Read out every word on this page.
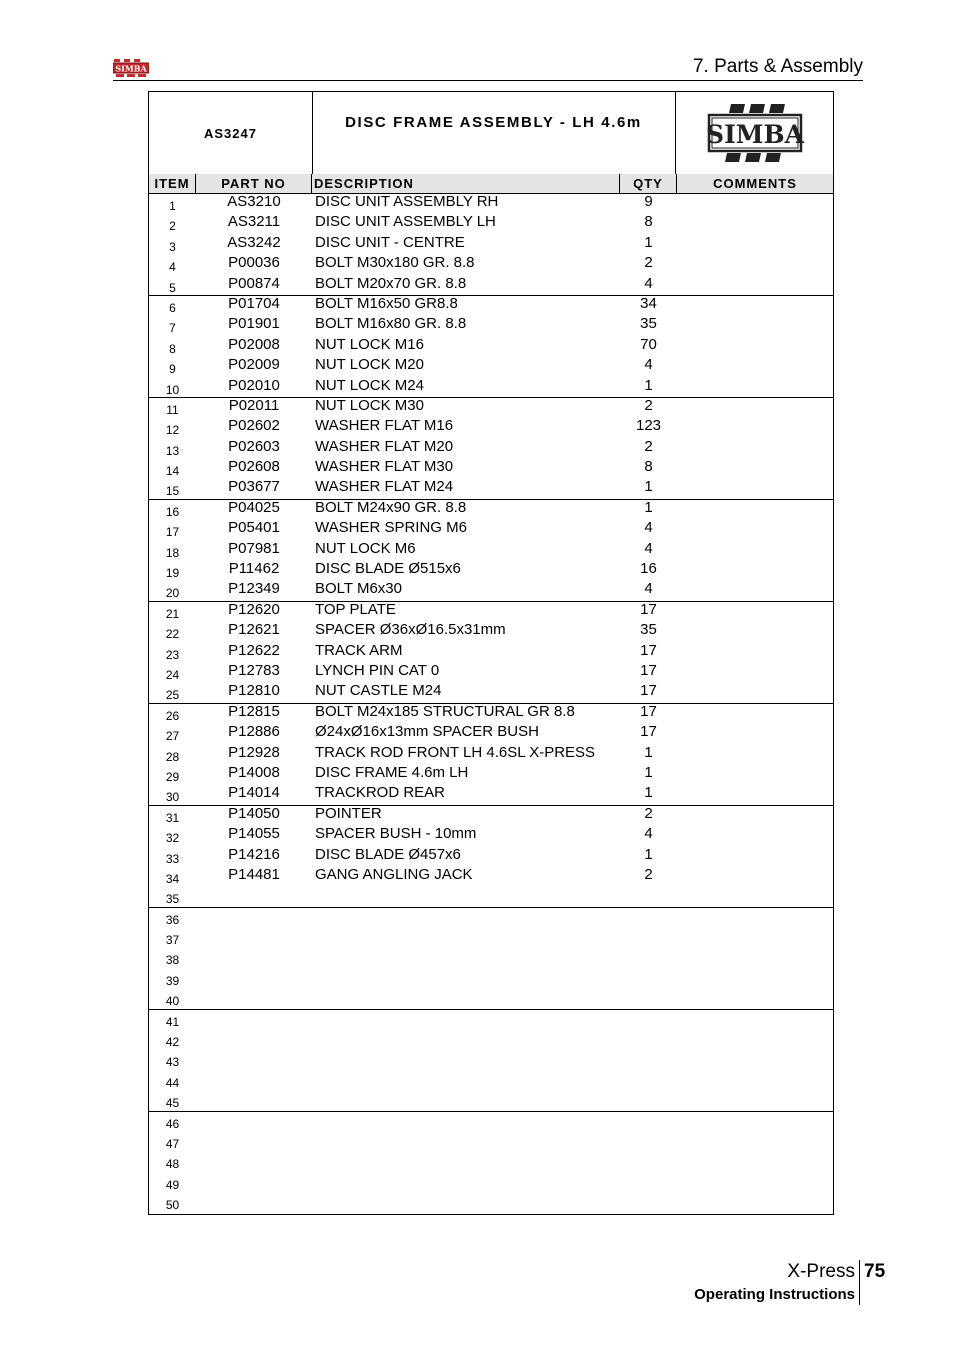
SIMBA	7. Parts & Assembly
AS3247
DISC FRAME ASSEMBLY - LH 4.6m	SIMBA
ITEM	PART NO	DESCRIPTION	QTY	COMMENTS
1	AS3210	DISC UNIT ASSEMBLY RH	9
2	AS3211	DISC UNIT ASSEMBLY LH	8
3	AS3242	DISC UNIT - CENTRE	1
4	P00036	BOLT M30x180 GR. 8.8	2
5	P00874	BOLT M20x70 GR. 8.8	4
6	P01704	BOLT M16x50 GR8.8	34
7	P01901	BOLT M16x80 GR. 8.8	35
8	P02008	NUT LOCK M16	70
9	P02009	NUT LOCK M20	4
10	P02010	NUT LOCK M24	1
11	P02011	NUT LOCK M30	2
12	P02602	WASHER FLAT M16	123
13	P02603	WASHER FLAT M20	2
14	P02608	WASHER FLAT M30	8
15	P03677	WASHER FLAT M24	1
16	P04025	BOLT M24x90 GR. 8.8	1
17	P05401	WASHER SPRING M6	4
18	P07981	NUT LOCK M6	4
19	P11462	DISC BLADE Ø515x6	16
20	P12349	BOLT M6x30	4
21	P12620	TOP PLATE	17
22	P12621	SPACER Ø36xØ16.5x31mm	35
23	P12622	TRACK ARM	17
24	P12783	LYNCH PIN CAT 0	17
25	P12810	NUT CASTLE M24	17
26	P12815	BOLT M24x185 STRUCTURAL GR 8.8	17
27	P12886	Ø24xØ16x13mm SPACER BUSH	17
28	P12928	TRACK ROD FRONT LH 4.6SL X-PRESS	1
29	P14008	DISC FRAME 4.6m LH	1
30	P14014	TRACKROD REAR	1
31	P14050	POINTER	2
32	P14055	SPACER BUSH - 10mm	4
33	P14216	DISC BLADE Ø457x6	1
34	P14481	GANG ANGLING JACK	2
35
36
37
38
39
40
41
42
43
44
45
46
47
48
49
50
X-Press 75
Operating Instructions
